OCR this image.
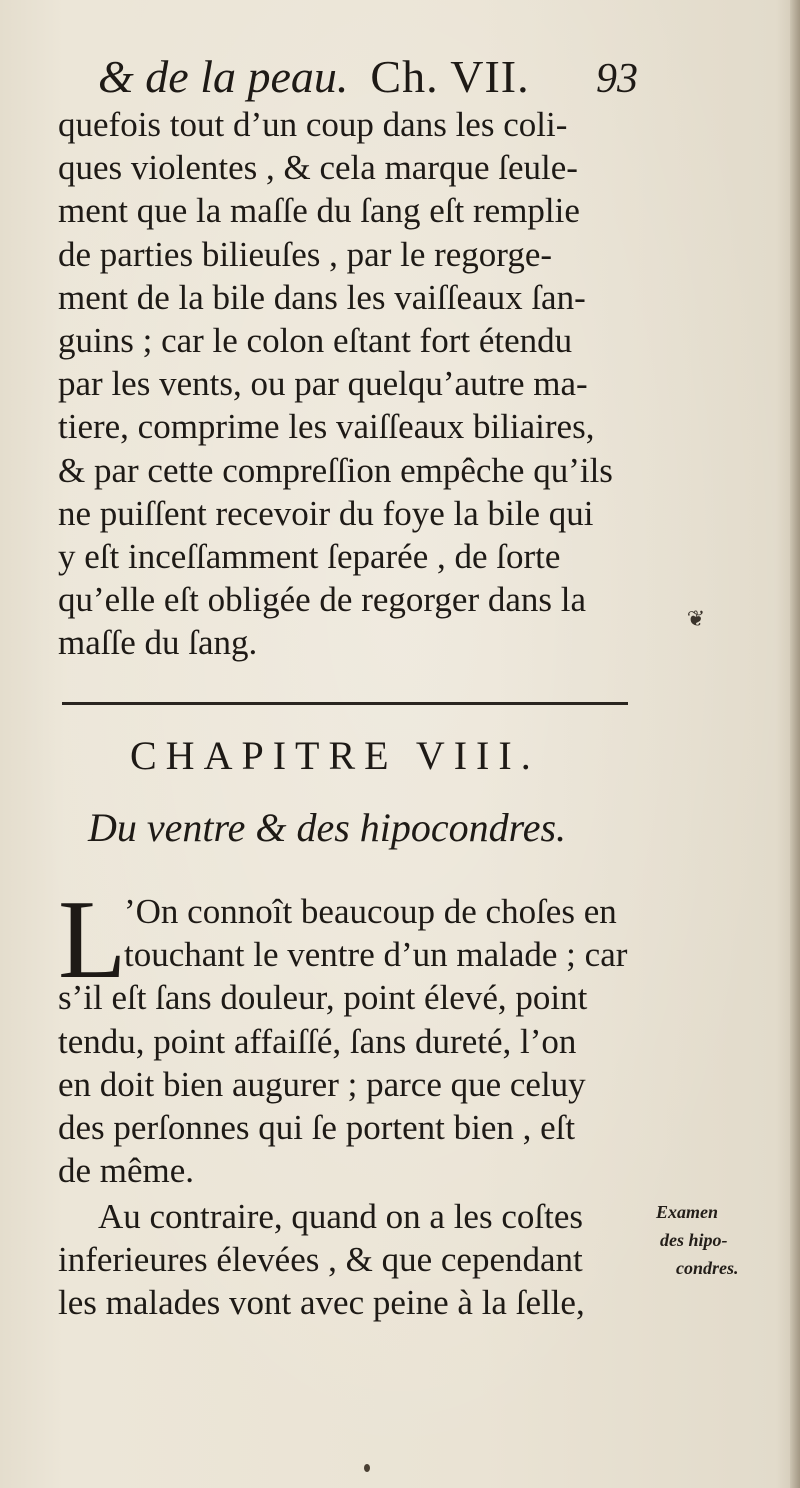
& de la peau. Ch. VII. 93
quefois tout d’un coup dans les coli-
ques violentes , & cela marque ſeule-
ment que la maſſe du ſang eſt remplie
de parties bilieuſes , par le regorge-
ment de la bile dans les vaiſſeaux ſan-
guins ; car le colon eſtant fort étendu
par les vents, ou par quelqu’autre ma-
tiere, comprime les vaiſſeaux biliaires,
& par cette compreſſion empêche qu’ils
ne puiſſent recevoir du foye la bile qui
y eſt inceſſamment ſeparée , de ſorte
qu’elle eſt obligée de regorger dans la
maſſe du ſang.
❦
CHAPITRE VIII.
Du ventre & des hipocondres.
L
’On connoît beaucoup de choſes en
touchant le ventre d’un malade ; car
s’il eſt ſans douleur, point élevé, point
tendu, point affaiſſé, ſans dureté, l’on
en doit bien augurer ; parce que celuy
des perſonnes qui ſe portent bien , eſt
de même.
Au contraire, quand on a les coſtes
inferieures élevées , & que cependant
les malades vont avec peine à la ſelle,
Examen
des hipo-
condres.
